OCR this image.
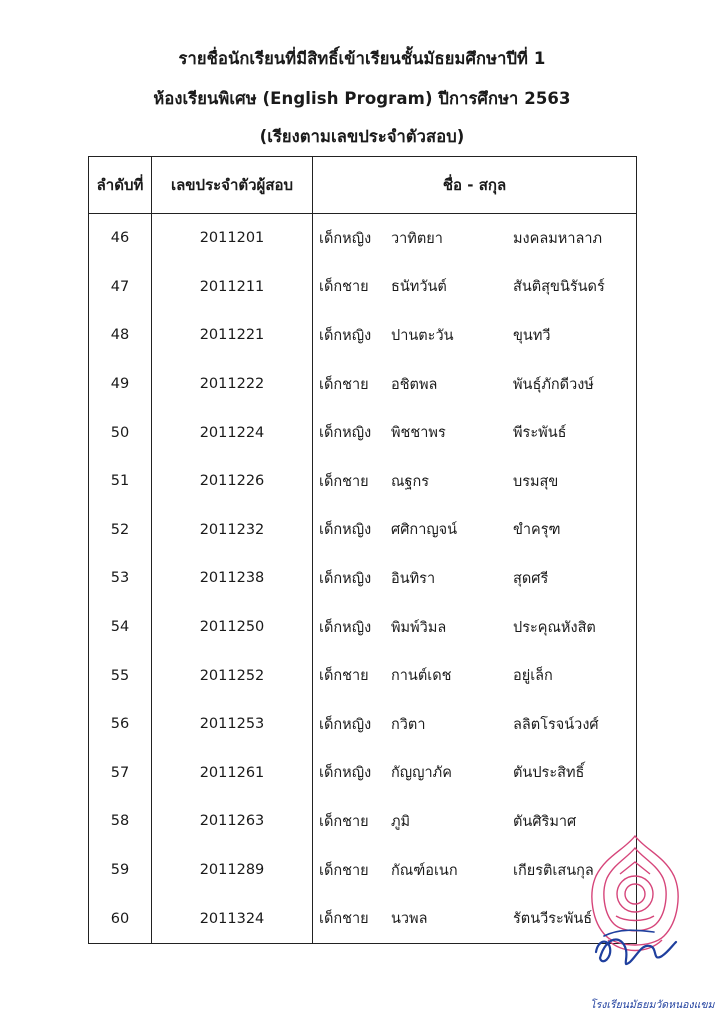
รายชื่อนักเรียนที่มีสิทธิ์เข้าเรียนชั้นมัธยมศึกษาปีที่ 1
ห้องเรียนพิเศษ (English Program) ปีการศึกษา 2563
(เรียงตามเลขประจำตัวสอบ)
ลำดับที่	เลขประจำตัวผู้สอบ	ชื่อ - สกุล
46	2011201	เด็กหญิง วาทิตยา มงคลมหาลาภ

47	2011211	เด็กชาย ธนัทวันต์ สันติสุขนิรันดร์

48	2011221	เด็กหญิง ปานตะวัน ขุนทวี

49	2011222	เด็กชาย อชิตพล พันธุ์ภักดีวงษ์

50	2011224	เด็กหญิง พิชชาพร พีระพันธ์

51	2011226	เด็กชาย ณฐกร บรมสุข

52	2011232	เด็กหญิง ศศิกาญจน์ ขำครุฑ

53	2011238	เด็กหญิง อินทิรา สุดศรี

54	2011250	เด็กหญิง พิมพ์วิมล ประคุณหังสิต

55	2011252	เด็กชาย กานต์เดช อยู่เล็ก

56	2011253	เด็กหญิง กวิตา ลลิตโรจน์วงศ์

57	2011261	เด็กหญิง กัญญาภัค ตันประสิทธิ์

58	2011263	เด็กชาย ภูมิ ตันศิริมาศ

59	2011289	เด็กชาย กัณฑ์อเนก เกียรติเสนกุล

60	2011324	เด็กชาย นวพล รัตนวีระพันธ์
โรงเรียนมัธยมวัดหนองแขม
